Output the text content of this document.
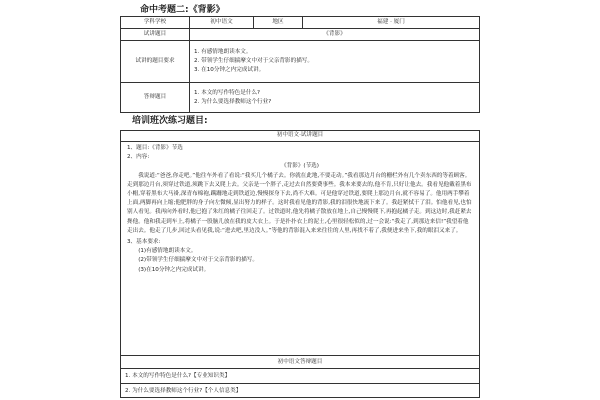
命中考题二:《背影》
学科学校	初中语文	地区	福建 · 厦门
试讲题目	《背影》		
试讲的题目要求	1. 有感情地朗读本文。
2. 带领学生仔细揣摩文中对于父亲背影的描写。
3. 在10分钟之内完成试讲。		

答辩题目	1. 本文的写作特色是什么?
2. 为什么要选择教师这个行业?		
培训班次练习题目:
初中语文·试讲题目

1、题目:《背影》节选

2、内容:

《背影》(节选)

我说道:“爸爸,你走吧。”他往车外看了看说:“我买几个橘子去。你就在此地,不要走动。”我看那边月台的栅栏外有几个卖东西的等着顾客。走到那边月台,须穿过铁道,须跳下去又爬上去。父亲是一个胖子,走过去自然要费事些。我本来要去的,他不肯,只好让他去。我看见他戴着黑布小帽,穿着黑布大马褂,深青布棉袍,蹒跚地走到铁道边,慢慢探身下去,尚不大难。可是他穿过铁道,要爬上那边月台,就不容易了。他用两手攀着上面,两脚再向上缩;他肥胖的身子向左微倾,显出努力的样子。这时我看见他的背影,我的泪很快地流下来了。我赶紧拭干了泪。怕他看见,也怕别人看见。我再向外看时,他已抱了朱红的橘子往回走了。过铁道时,他先将橘子散放在地上,自己慢慢爬下,再抱起橘子走。到这边时,我赶紧去搀他。他和我走到车上,将橘子一股脑儿放在我的皮大衣上。于是扑扑衣上的泥土,心里很轻松似的,过一会说:“我走了,到那边来信!”我望着他走出去。他走了几步,回过头看见我,说:“进去吧,里边没人。”等他的背影混入来来往往的人里,再找不着了,我便进来坐下,我的眼泪又来了。

3、基本要求:

(1)有感情地朗读本文。

(2)带领学生仔细揣摩文中对于父亲背影的描写。

(3)在10分钟之内完成试讲。

初中语文答辩题目
1. 本文的写作特色是什么?【专业知识类】
2. 为什么要选择教师这个行业?【个人信息类】
